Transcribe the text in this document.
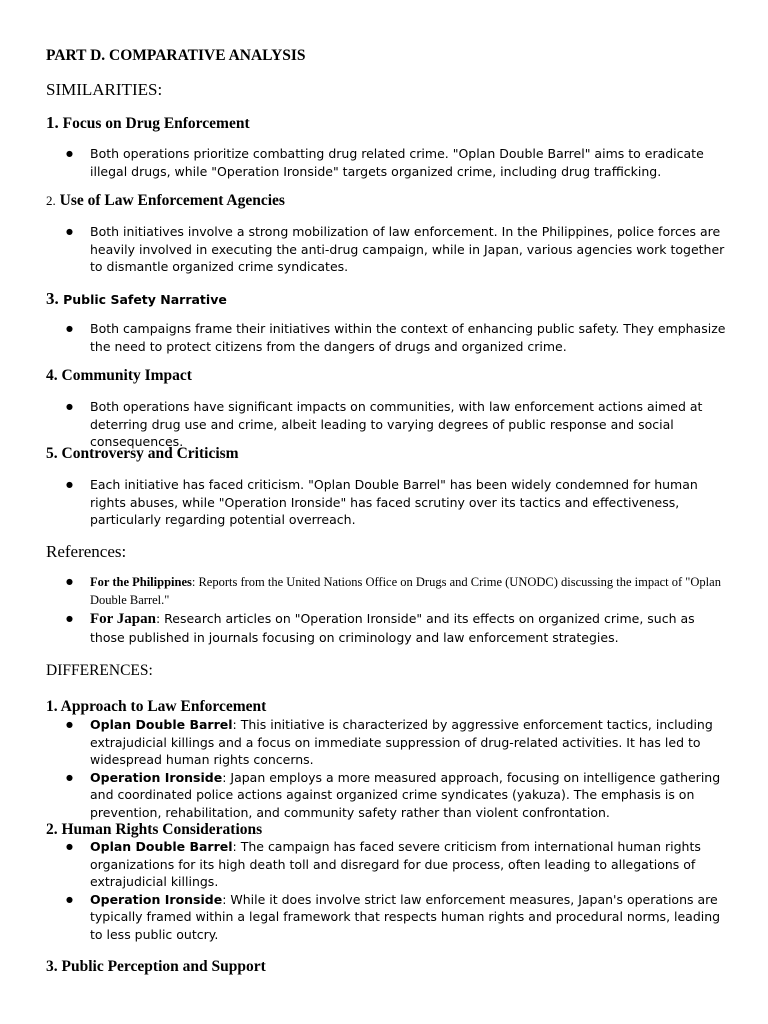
PART D. COMPARATIVE ANALYSIS
SIMILARITIES:
1. Focus on Drug Enforcement
● Both operations prioritize combatting drug related crime. "Oplan Double Barrel" aims to eradicate illegal drugs, while "Operation Ironside" targets organized crime, including drug trafficking.
2. Use of Law Enforcement Agencies
● Both initiatives involve a strong mobilization of law enforcement. In the Philippines, police forces are heavily involved in executing the anti-drug campaign, while in Japan, various agencies work together to dismantle organized crime syndicates.
3. Public Safety Narrative
● Both campaigns frame their initiatives within the context of enhancing public safety. They emphasize the need to protect citizens from the dangers of drugs and organized crime.
4. Community Impact
● Both operations have significant impacts on communities, with law enforcement actions aimed at deterring drug use and crime, albeit leading to varying degrees of public response and social consequences.
5. Controversy and Criticism
● Each initiative has faced criticism. "Oplan Double Barrel" has been widely condemned for human rights abuses, while "Operation Ironside" has faced scrutiny over its tactics and effectiveness, particularly regarding potential overreach.
References:
● For the Philippines: Reports from the United Nations Office on Drugs and Crime (UNODC) discussing the impact of "Oplan Double Barrel."
● For Japan: Research articles on "Operation Ironside" and its effects on organized crime, such as those published in journals focusing on criminology and law enforcement strategies.
DIFFERENCES:
1. Approach to Law Enforcement
● Oplan Double Barrel: This initiative is characterized by aggressive enforcement tactics, including extrajudicial killings and a focus on immediate suppression of drug-related activities. It has led to widespread human rights concerns.
● Operation Ironside: Japan employs a more measured approach, focusing on intelligence gathering and coordinated police actions against organized crime syndicates (yakuza). The emphasis is on prevention, rehabilitation, and community safety rather than violent confrontation.
2. Human Rights Considerations
● Oplan Double Barrel: The campaign has faced severe criticism from international human rights organizations for its high death toll and disregard for due process, often leading to allegations of extrajudicial killings.
● Operation Ironside: While it does involve strict law enforcement measures, Japan's operations are typically framed within a legal framework that respects human rights and procedural norms, leading to less public outcry.
3. Public Perception and Support
